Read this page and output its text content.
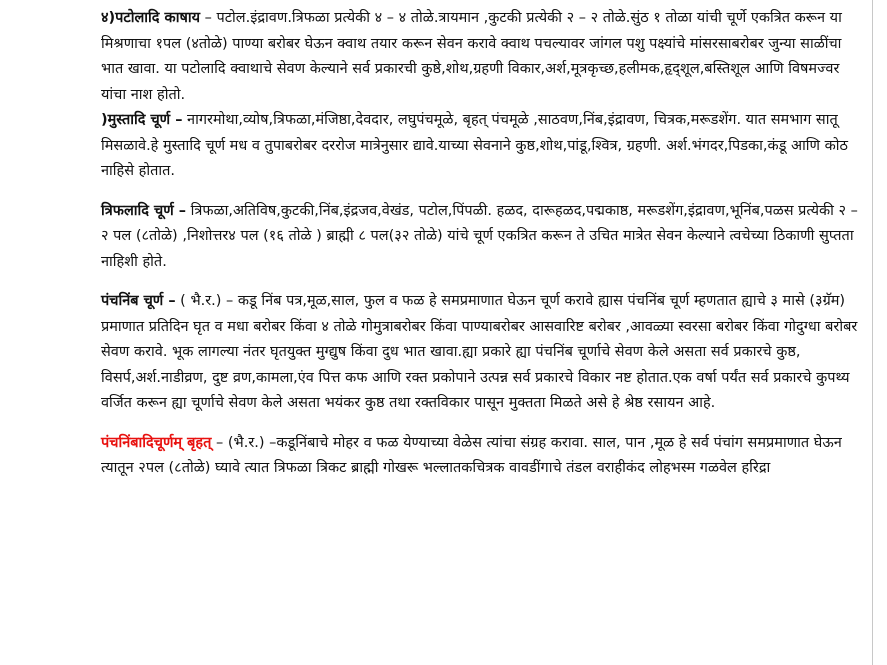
४)पटोलादि काषाय – पटोल.इंद्रावण.त्रिफळा प्रत्येकी ४ – ४ तोळे.त्रायमान ,कुटकी प्रत्येकी २ – २ तोळे.सुंठ १ तोळा यांची चूर्णे एकत्रित करून या मिश्रणाचा १पल (४तोळे) पाण्या बरोबर घेऊन क्वाथ तयार करून सेवन करावे क्वाथ पचल्यावर जांगल पशु पक्ष्यांचे मांसरसाबरोबर जुन्या साळींचा भात खावा. या पटोलादि क्वाथाचे सेवण केल्याने सर्व प्रकारची कुष्ठे,शोथ,ग्रहणी विकार,अर्श,मूत्रकृच्छ,हलीमक,हृद्शूल,बस्तिशूल आणि विषमज्वर यांचा नाश होतो.

)मुस्तादि चूर्ण – नागरमोथा,व्योष,त्रिफळा,मंजिष्ठा,देवदार, लघुपंचमूळे, बृहत् पंचमूळे ,साठवण,निंब,इंद्रावण, चित्रक,मरूडशेंग. यात समभाग सातू मिसळावे.हे मुस्तादि चूर्ण मध व तुपाबरोबर दररोज मात्रेनुसार द्यावे.याच्या सेवनाने कुष्ठ,शोथ,पांडू,श्वित्र, ग्रहणी. अर्श.भंगदर,पिडका,कंडू आणि कोठ नाहिसे होतात.

त्रिफलादि चूर्ण – त्रिफळा,अतिविष,कुटकी,निंब,इंद्रजव,वेखंड, पटोल,पिंपळी. हळद, दारूहळद,पद्मकाष्ठ, मरूडशेंग,इंद्रावण,भूनिंब,पळस प्रत्येकी २ – २ पल (८तोळे) ,निशोत्तर४ पल (१६ तोळे ) ब्राह्मी ८ पल(३२ तोळे) यांचे चूर्ण एकत्रित करून ते उचित मात्रेत सेवन केल्याने त्वचेच्या ठिकाणी सुप्तता नाहिशी होते.

पंचनिंब चूर्ण – ( भै.र.) – कडू निंब पत्र,मूळ,साल, फुल व फळ हे समप्रमाणात घेऊन चूर्ण करावे ह्यास पंचनिंब चूर्ण म्हणतात ह्याचे ३ मासे (३ग्रॅम) प्रमाणात प्रतिदिन घृत व मधा बरोबर किंवा ४ तोळे गोमुत्राबरोबर किंवा पाण्याबरोबर आसवारिष्ट बरोबर ,आवळ्या स्वरसा बरोबर किंवा गोदुग्धा बरोबर सेवण करावे. भूक लागल्या नंतर घृतयुक्त मुग्द्युष किंवा दुध भात खावा.ह्या प्रकारे ह्या पंचनिंब चूर्णाचे सेवण केले असता सर्व प्रकारचे कुष्ठ, विसर्प,अर्श.नाडीव्रण, दुष्ट व्रण,कामला,एंव पित्त कफ आणि रक्त प्रकोपाने उत्पन्न सर्व प्रकारचे विकार नष्ट होतात.एक वर्षा पर्यंत सर्व प्रकारचे कुपथ्य वर्जित करून ह्या चूर्णाचे सेवण केले असता भयंकर कुष्ठ तथा रक्तविकार पासून मुक्तता मिळते असे हे श्रेष्ठ रसायन आहे.

पंचनिंबादिचूर्णम् बृहत् – (भै.र.) –कडूनिंबाचे मोहर व फळ येण्याच्या वेळेस त्यांचा संग्रह करावा. साल, पान ,मूळ हे सर्व पंचांग समप्रमाणात घेऊन त्यातून २पल (८तोळे) घ्यावे त्यात त्रिफळा त्रिकट ब्राह्मी गोखरू भल्लातकचित्रक वावडींगाचे तंडल वराहीकंद लोहभस्म गळवेल हरिद्रा
